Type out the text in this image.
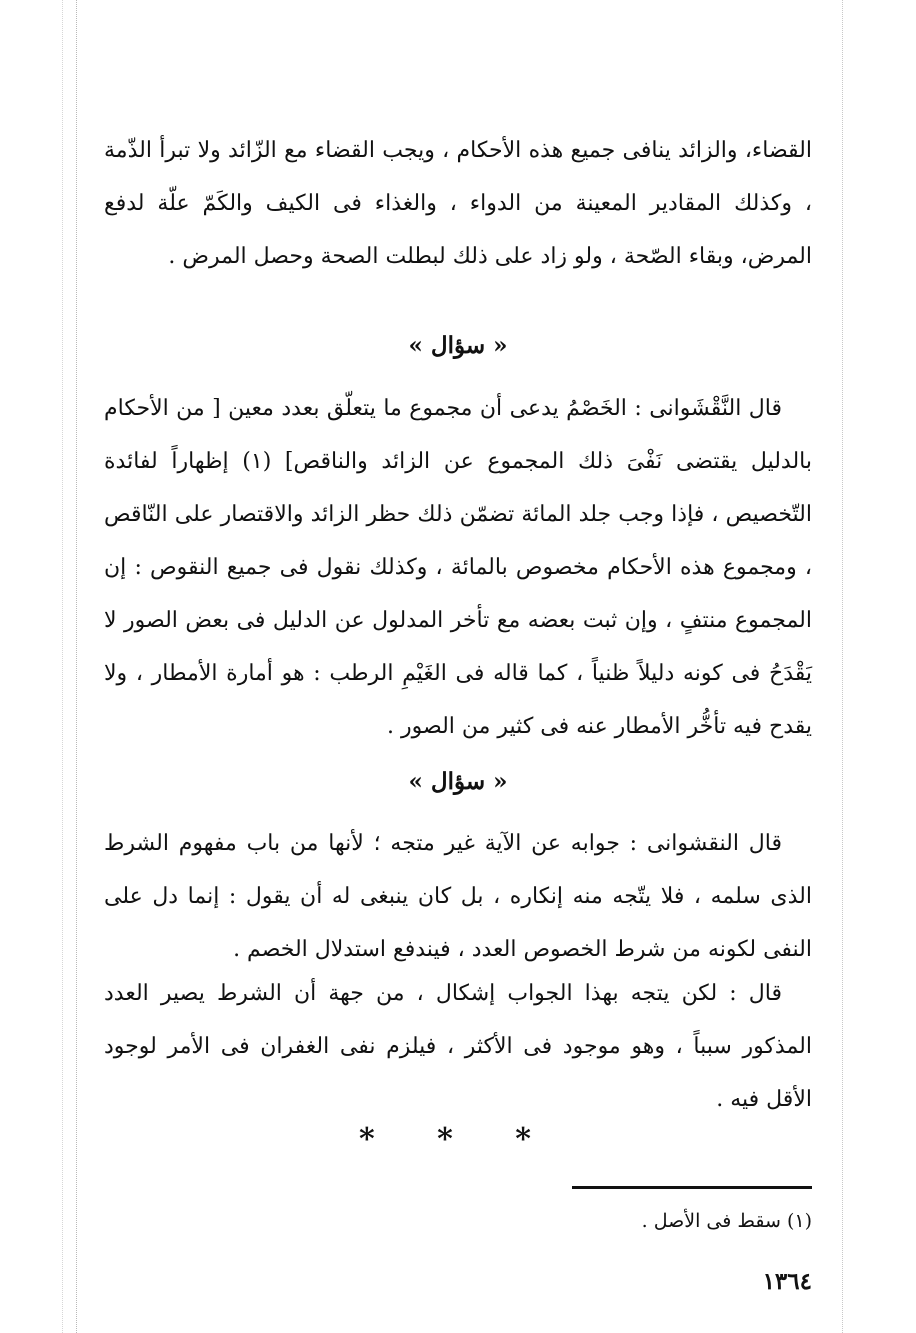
القضاء، والزائد ينافى جميع هذه الأحكام ، ويجب القضاء مع الزّائد ولا تبرأ الذّمة ، وكذلك المقادير المعينة من الدواء ، والغذاء فى الكيف والكَمّ علّة لدفع المرض، وبقاء الصّحة ، ولو زاد على ذلك لبطلت الصحة وحصل المرض .

« سؤال »

قال النَّقْشَوانى : الخَصْمُ يدعى أن مجموع ما يتعلّق بعدد معين [ من الأحكام بالدليل يقتضى نَفْىَ ذلك المجموع عن الزائد والناقص] (١) إظهاراً لفائدة التّخصيص ، فإذا وجب جلد المائة تضمّن ذلك حظر الزائد والاقتصار على النّاقص ، ومجموع هذه الأحكام مخصوص بالمائة ، وكذلك نقول فى جميع النقوص : إن المجموع منتفٍ ، وإن ثبت بعضه مع تأخر المدلول عن الدليل فى بعض الصور لا يَقْدَحُ فى كونه دليلاً ظنياً ، كما قاله فى الغَيْمِ الرطب : هو أمارة الأمطار ، ولا يقدح فيه تأخُّر الأمطار عنه فى كثير من الصور .

« سؤال »

قال النقشوانى : جوابه عن الآية غير متجه ؛ لأنها من باب مفهوم الشرط الذى سلمه ، فلا يتّجه منه إنكاره ، بل كان ينبغى له أن يقول : إنما دل على النفى لكونه من شرط الخصوص العدد ، فيندفع استدلال الخصم .

قال : لكن يتجه بهذا الجواب إشكال ، من جهة أن الشرط يصير العدد المذكور سبباً ، وهو موجود فى الأكثر ، فيلزم نفى الغفران فى الأمر لوجود الأقل فيه .

* * *
(١) سقط فى الأصل .
١٣٦٤
